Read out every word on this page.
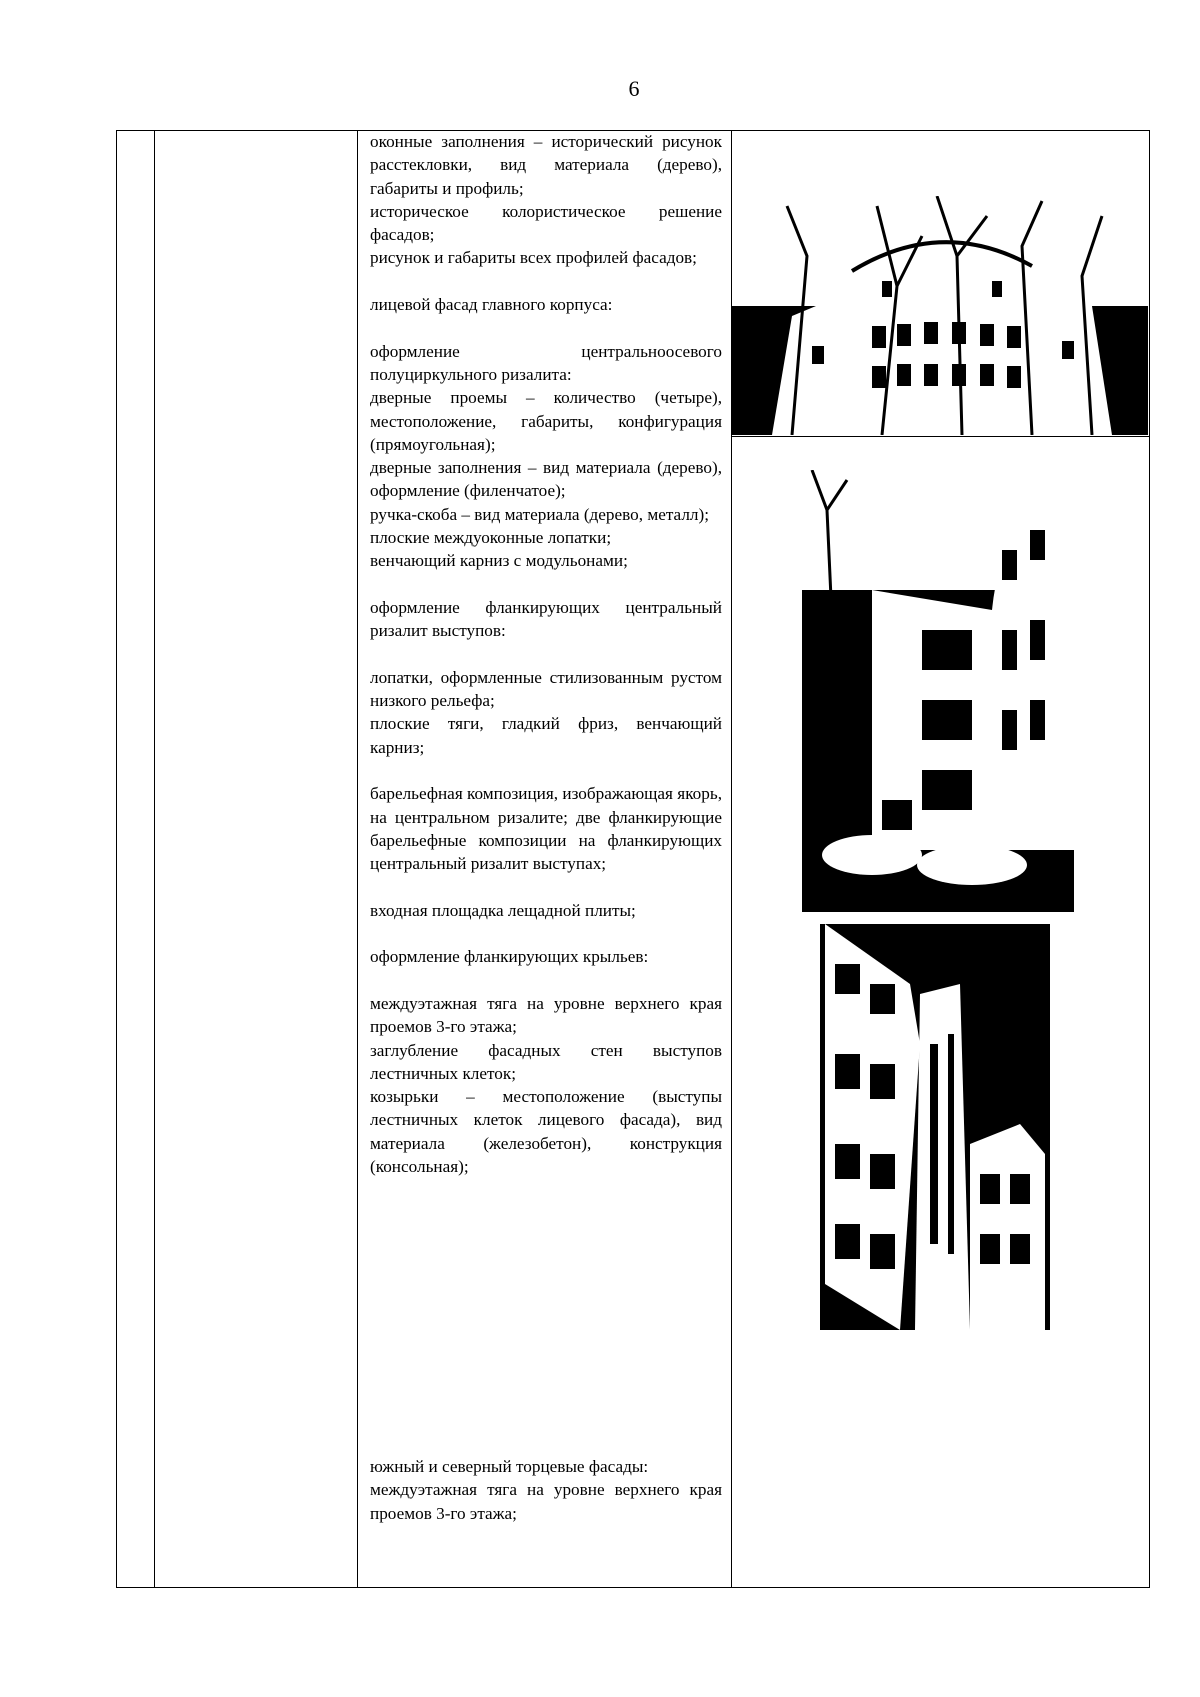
6

оконные заполнения – исторический рисунок расстекловки, вид материала (дерево), габариты и профиль;

историческое колористическое решение фасадов;

рисунок и габариты всех профилей фасадов;

лицевой фасад главного корпуса:

оформление центральноосевого полуциркульного ризалита:

дверные проемы – количество (четыре), местоположение, габариты, конфигурация (прямоугольная);

дверные заполнения – вид материала (дерево), оформление (филенчатое);

ручка-скоба – вид материала (дерево, металл);

плоские междуоконные лопатки;

венчающий карниз с модульонами;

оформление фланкирующих центральный ризалит выступов:

лопатки, оформленные стилизованным рустом низкого рельефа;

плоские тяги, гладкий фриз, венчающий карниз;

барельефная композиция, изображающая якорь, на центральном ризалите; две фланкирующие барельефные композиции на фланкирующих центральный ризалит выступах;

входная площадка лещадной плиты;

оформление фланкирующих крыльев:

междуэтажная тяга на уровне верхнего края проемов 3-го этажа;

заглубление фасадных стен выступов лестничных клеток;

козырьки – местоположение (выступы лестничных клеток лицевого фасада), вид материала (железобетон), конструкция (консольная);

южный и северный торцевые фасады:

междуэтажная тяга на уровне верхнего края проемов 3-го этажа;
